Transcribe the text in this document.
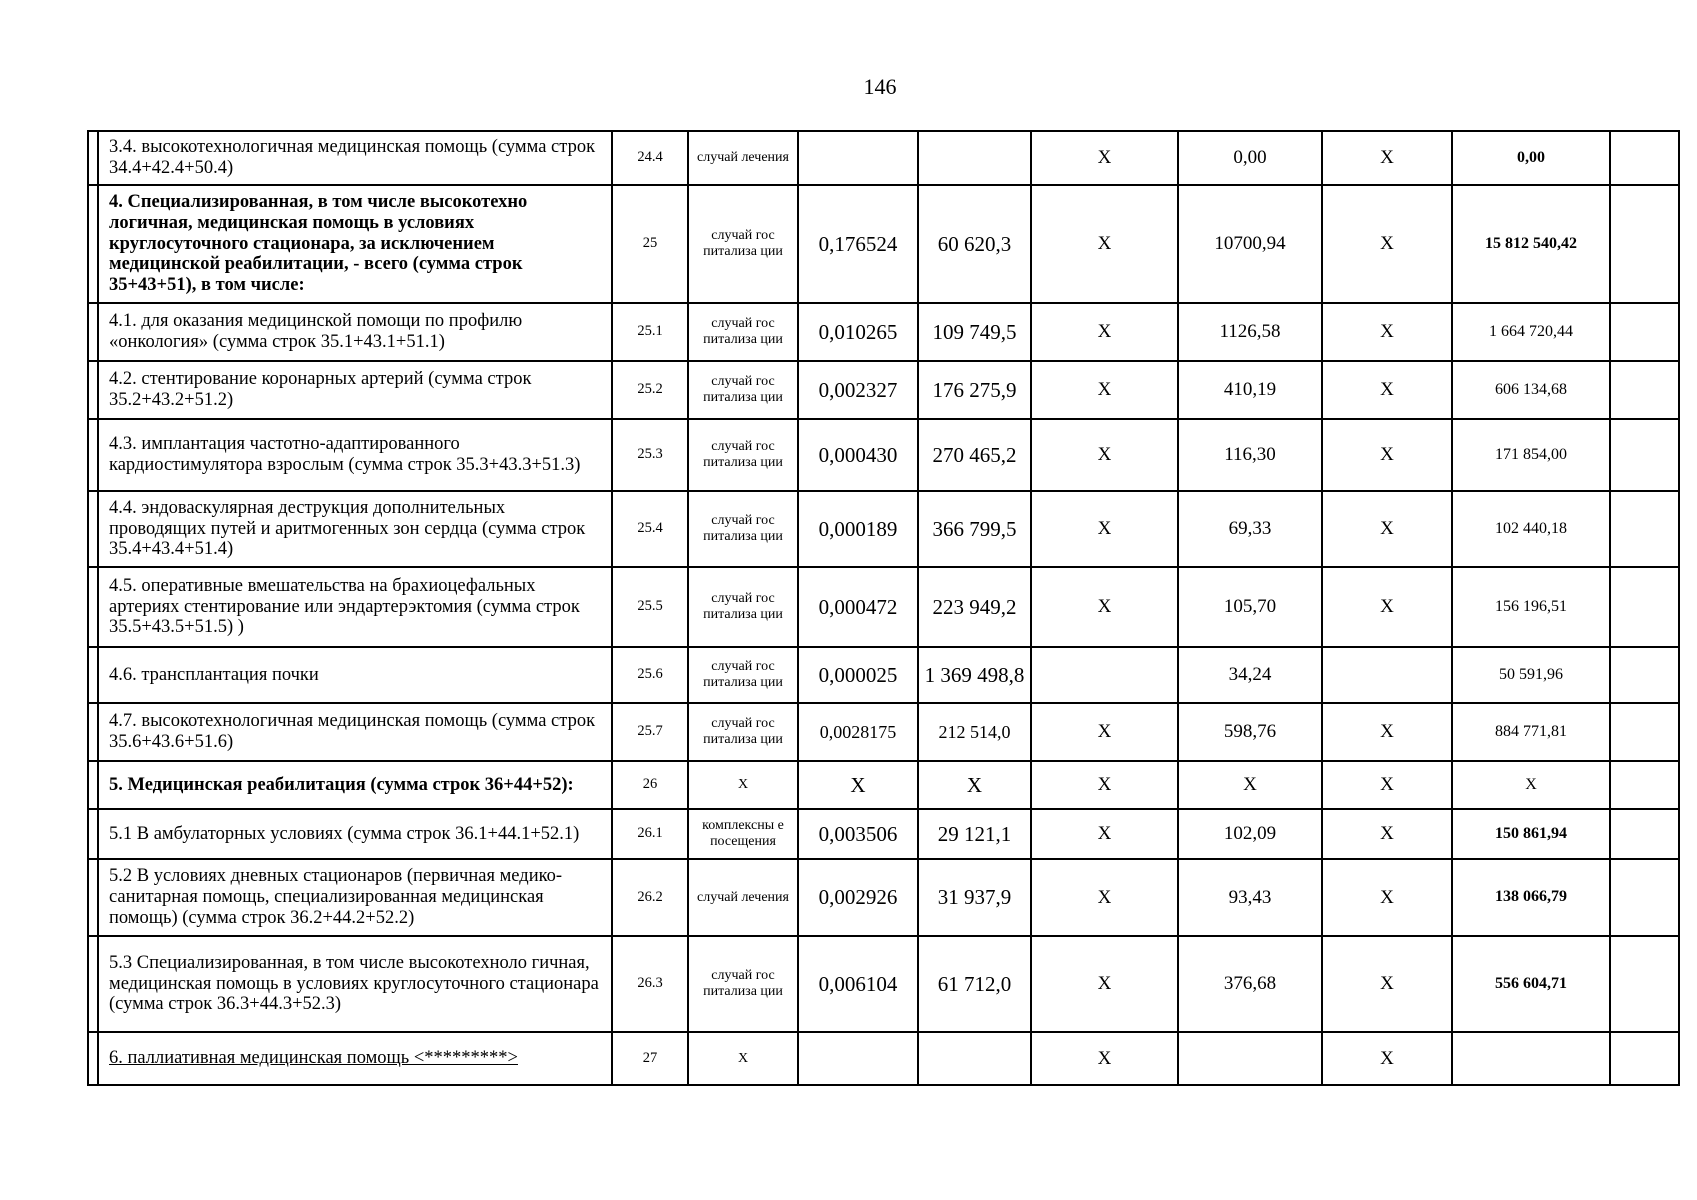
146
	3.4. высокотехнологичная медицинская помощь (сумма строк 34.4+42.4+50.4)	24.4	случай лечения			Х	0,00	Х	0,00	
	4. Специализированная, в том числе высокотехно логичная, медицинская помощь в условиях круглосуточного стационара, за исключением медицинской реабилитации, - всего (сумма строк 35+43+51), в том числе:	25	случай гос питализа ции	0,176524	60 620,3	Х	10700,94	Х	15 812 540,42	
	4.1. для оказания медицинской помощи по профилю «онкология» (сумма строк 35.1+43.1+51.1)	25.1	случай гос питализа ции	0,010265	109 749,5	Х	1126,58	Х	1 664 720,44	
	4.2. стентирование коронарных артерий (сумма строк 35.2+43.2+51.2)	25.2	случай гос питализа ции	0,002327	176 275,9	Х	410,19	Х	606 134,68	
	4.3. имплантация частотно-адаптированного кардиостимулятора взрослым (сумма строк 35.3+43.3+51.3)	25.3	случай гос питализа ции	0,000430	270 465,2	Х	116,30	Х	171 854,00	
	4.4. эндоваскулярная деструкция дополнительных проводящих путей и аритмогенных зон сердца (сумма строк 35.4+43.4+51.4)	25.4	случай гос питализа ции	0,000189	366 799,5	Х	69,33	Х	102 440,18	
	4.5. оперативные вмешательства на брахиоцефальных артериях стентирование или эндартерэктомия (сумма строк 35.5+43.5+51.5) )	25.5	случай гос питализа ции	0,000472	223 949,2	Х	105,70	Х	156 196,51	
	4.6. трансплантация почки	25.6	случай гос питализа ции	0,000025	1 369 498,8		34,24		50 591,96	
	4.7. высокотехнологичная медицинская помощь (сумма строк 35.6+43.6+51.6)	25.7	случай гос питализа ции	0,0028175	212 514,0	Х	598,76	Х	884 771,81	
	5. Медицинская реабилитация (сумма строк 36+44+52):	26	Х	Х	Х	Х	Х	Х	Х	
	5.1 В амбулаторных условиях (сумма строк 36.1+44.1+52.1)	26.1	комплексны е посещения	0,003506	29 121,1	Х	102,09	Х	150 861,94	
	5.2 В условиях дневных стационаров (первичная медико-санитарная помощь, специализированная медицинская помощь) (сумма строк 36.2+44.2+52.2)	26.2	случай лечения	0,002926	31 937,9	Х	93,43	Х	138 066,79	
	5.3 Специализированная, в том числе высокотехноло гичная, медицинская помощь в условиях круглосуточного стационара (сумма строк 36.3+44.3+52.3)	26.3	случай гос питализа ции	0,006104	61 712,0	Х	376,68	Х	556 604,71	
	6. паллиативная медицинская помощь <*********>	27	Х			Х		Х		
